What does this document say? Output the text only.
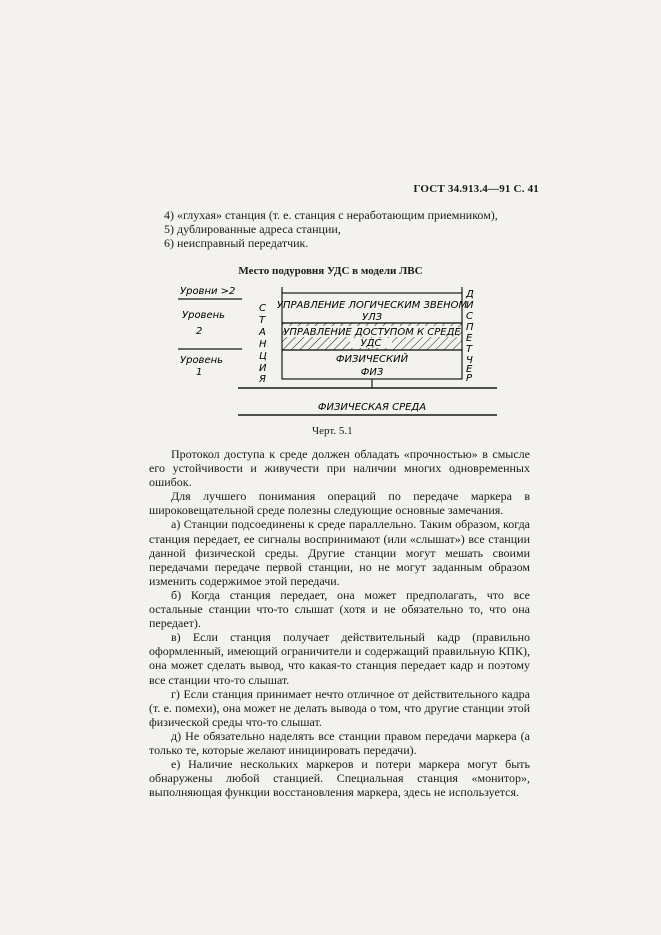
ГОСТ 34.913.4—91 С. 41

4) «глухая» станция (т. е. станция с неработающим приемником),

5) дублированные адреса станции,

6) неисправный передатчик.

Место подуровня УДС в модели ЛВС
Уровни >2
Уровень
2
Уровень
1
С
Т
А
Н
Ц
И
Я
УПРАВЛЕНИЕ ЛОГИЧЕСКИМ ЗВЕНОМ
УЛЗ
УПРАВЛЕНИЕ ДОСТУПОМ К СРЕДЕ
УДС
ФИЗИЧЕСКИЙ
ФИЗ
Д
И
С
П
Е
Т
Ч
Е
Р
ФИЗИЧЕСКАЯ СРЕДА
Черт. 5.1

Протокол доступа к среде должен обладать «прочностью» в смысле его устойчивости и живучести при наличии многих одновременных ошибок.

Для лучшего понимания операций по передаче маркера в широковещательной среде полезны следующие основные замечания.

а) Станции подсоединены к среде параллельно. Таким образом, когда станция передает, ее сигналы воспринимают (или «слышат») все станции данной физической среды. Другие станции могут мешать своими передачами передаче первой станции, но не могут заданным образом изменить содержимое этой передачи.

б) Когда станция передает, она может предполагать, что все остальные станции что-то слышат (хотя и не обязательно то, что она передает).

в) Если станция получает действительный кадр (правильно оформленный, имеющий ограничители и содержащий правильную КПК), она может сделать вывод, что какая-то станция передает кадр и поэтому все станции что-то слышат.

г) Если станция принимает нечто отличное от действительного кадра (т. е. помехи), она может не делать вывода о том, что другие станции этой физической среды что-то слышат.

д) Не обязательно наделять все станции правом передачи маркера (а только те, которые желают инициировать передачи).

е) Наличие нескольких маркеров и потери маркера могут быть обнаружены любой станцией. Специальная станция «монитор», выполняющая функции восстановления маркера, здесь не используется.
